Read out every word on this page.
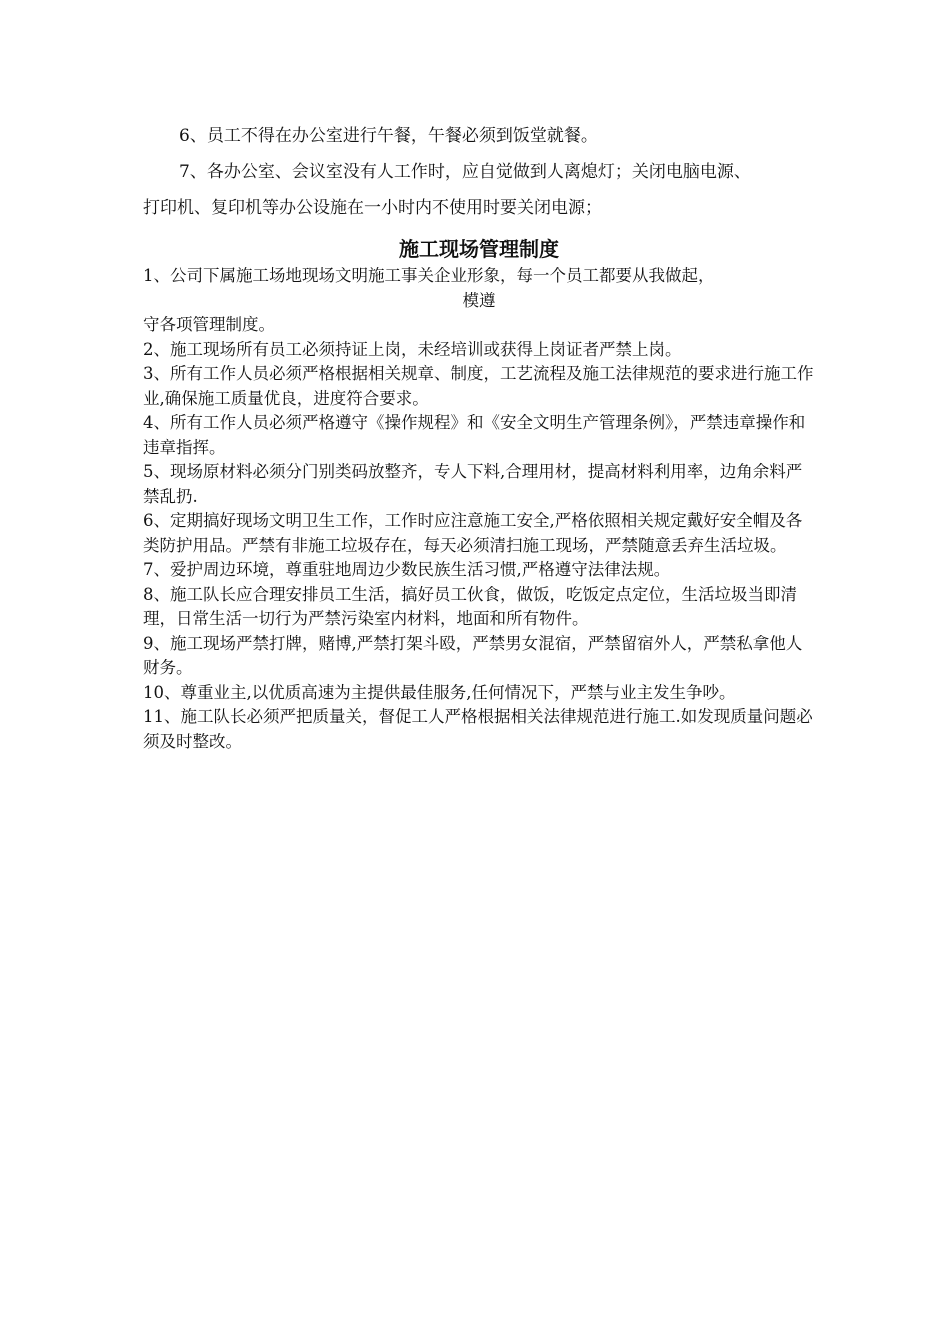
6、员工不得在办公室进行午餐，午餐必须到饭堂就餐。

7、各办公室、会议室没有人工作时，应自觉做到人离熄灯；关闭电脑电源、
打印机、复印机等办公设施在一小时内不使用时要关闭电源；

施工现场管理制度

1、公司下属施工场地现场文明施工事关企业形象，每一个员工都要从我做起，

模遵

守各项管理制度。

2、施工现场所有员工必须持证上岗，未经培训或获得上岗证者严禁上岗。

3、所有工作人员必须严格根据相关规章、制度，工艺流程及施工法律规范的要求进行施工作业,确保施工质量优良，进度符合要求。

4、所有工作人员必须严格遵守《操作规程》和《安全文明生产管理条例》，严禁违章操作和违章指挥。

5、现场原材料必须分门别类码放整齐，专人下料,合理用材，提高材料利用率，边角余料严禁乱扔.

6、定期搞好现场文明卫生工作，工作时应注意施工安全,严格依照相关规定戴好安全帽及各类防护用品。严禁有非施工垃圾存在，每天必须清扫施工现场，严禁随意丢弃生活垃圾。

7、爱护周边环境，尊重驻地周边少数民族生活习惯,严格遵守法律法规。

8、施工队长应合理安排员工生活，搞好员工伙食，做饭，吃饭定点定位，生活垃圾当即清理，日常生活一切行为严禁污染室内材料，地面和所有物件。

9、施工现场严禁打牌，赌博,严禁打架斗殴，严禁男女混宿，严禁留宿外人，严禁私拿他人财务。

10、尊重业主,以优质高速为主提供最佳服务,任何情况下，严禁与业主发生争吵。

11、施工队长必须严把质量关，督促工人严格根据相关法律规范进行施工.如发现质量问题必须及时整改。
